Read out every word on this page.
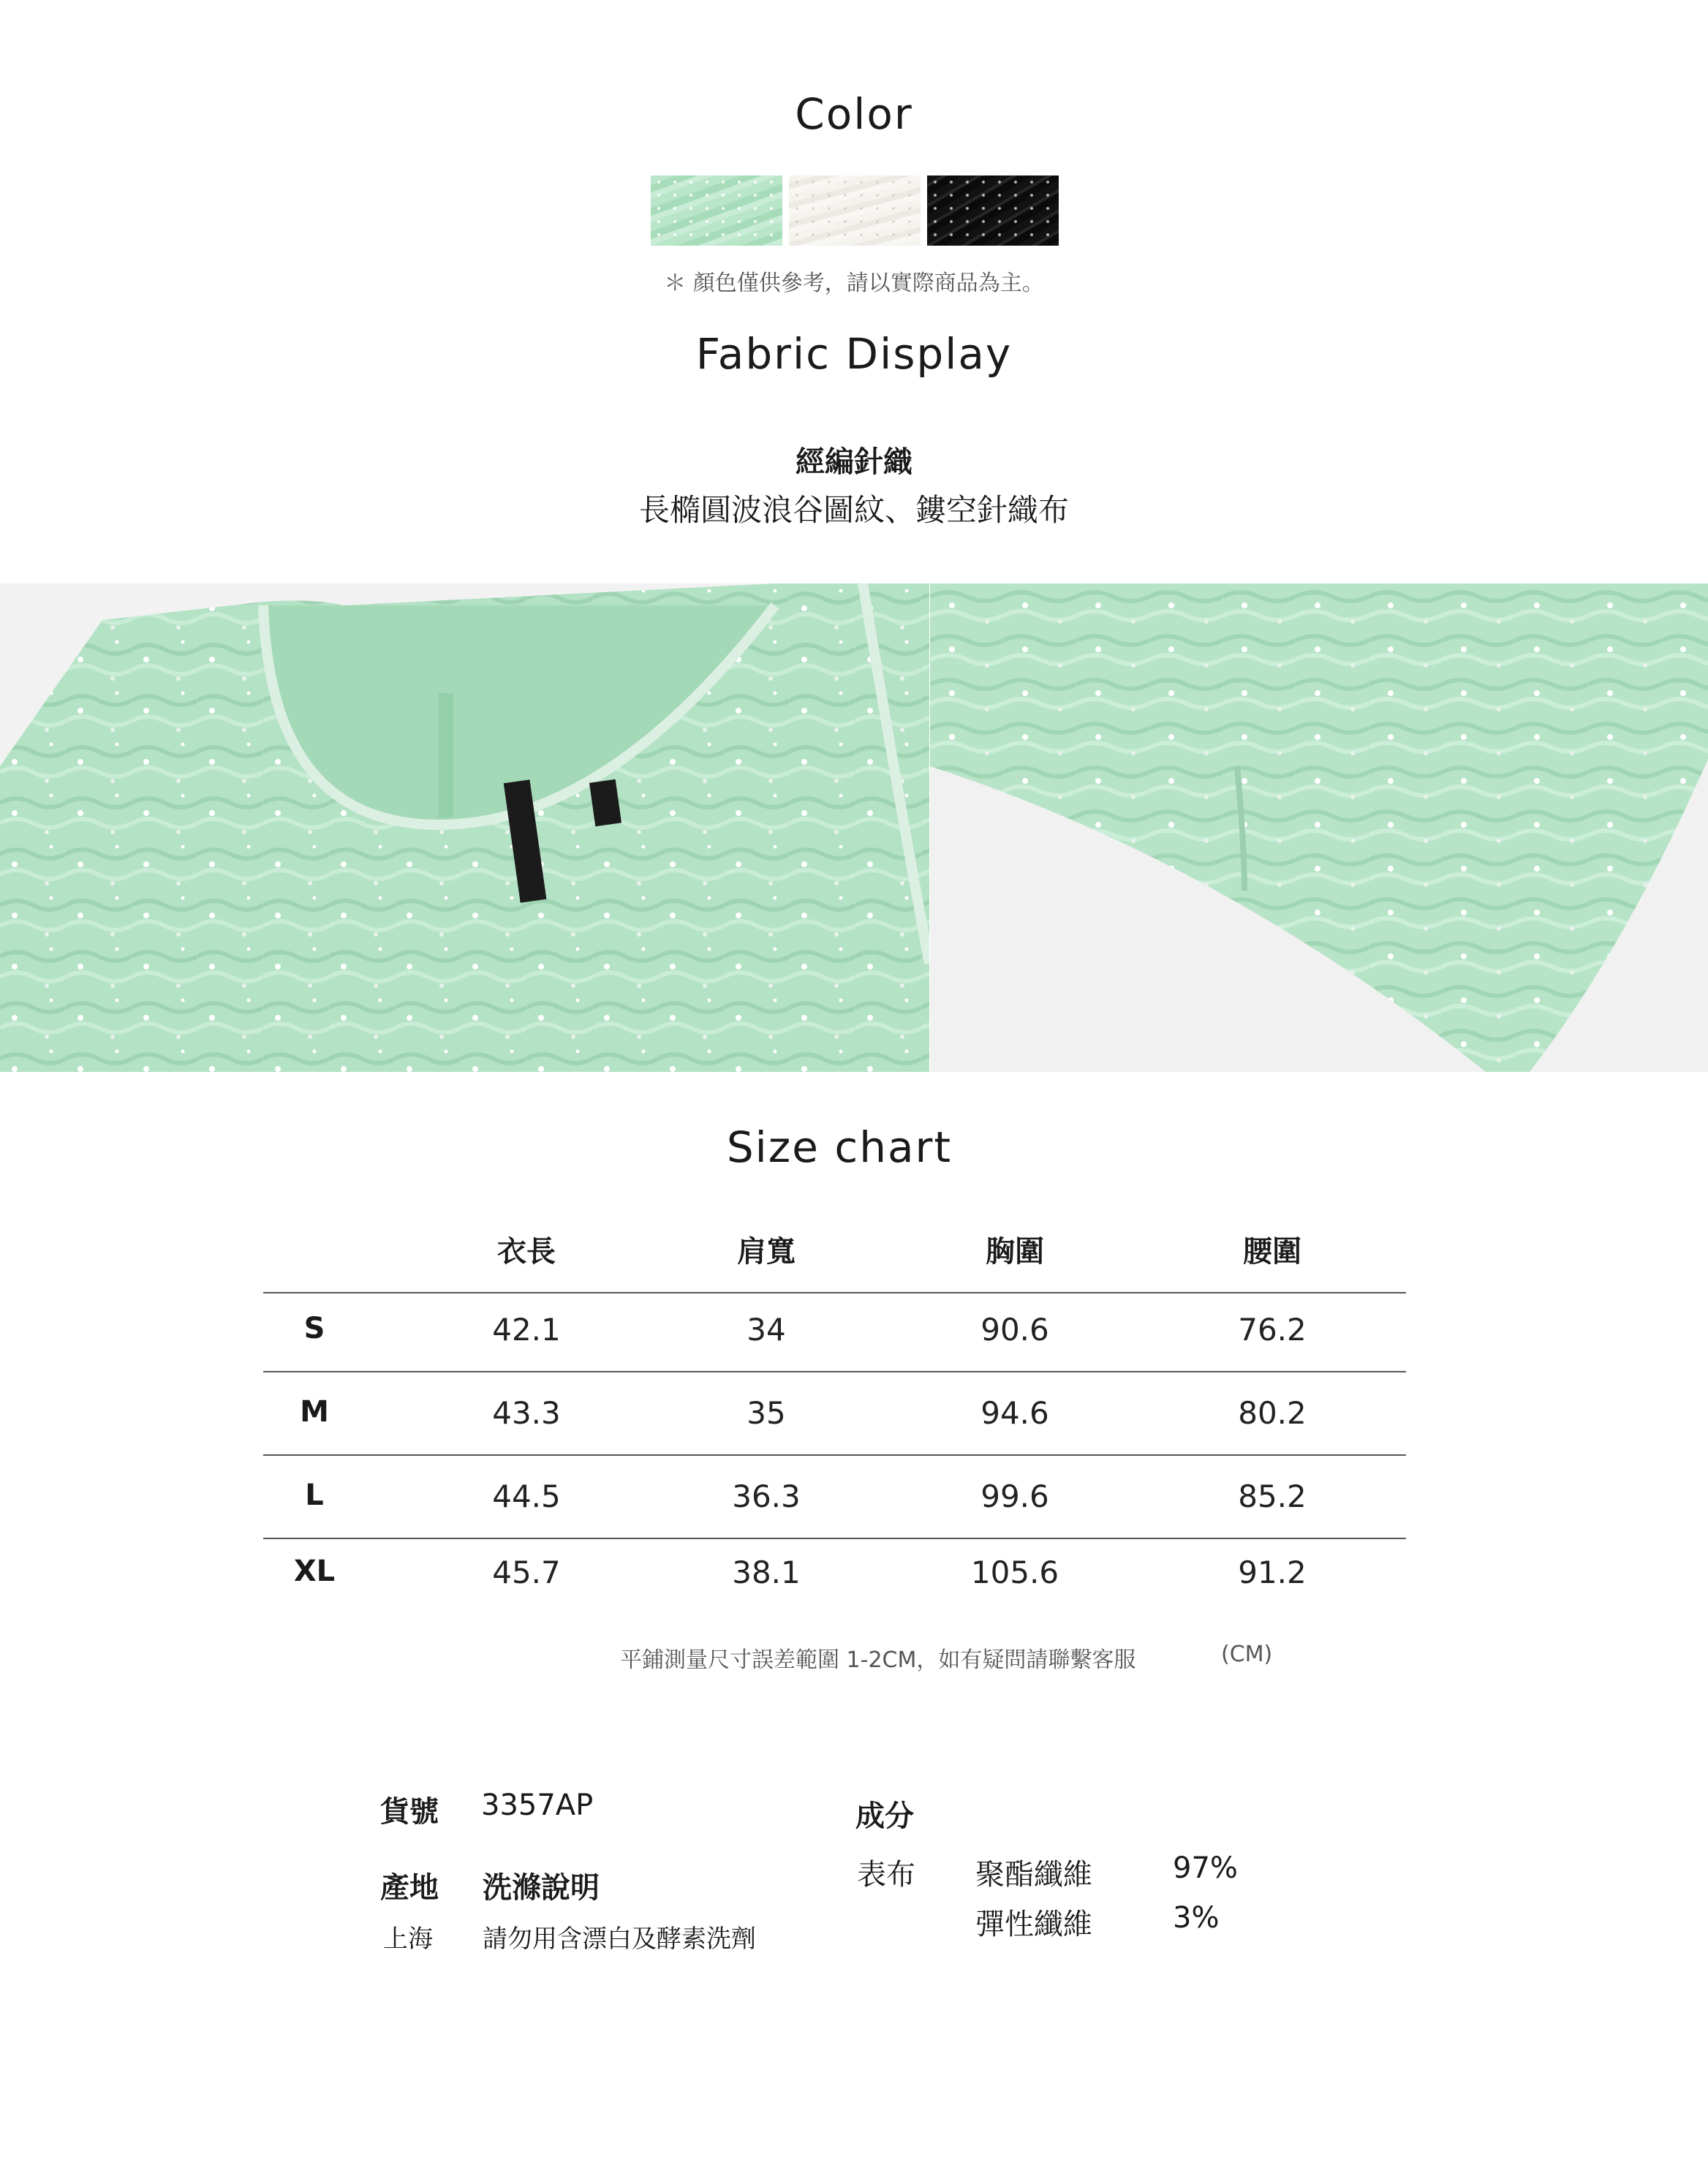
Color
＊ 顏色僅供參考，請以實際商品為主。
Fabric Display
經編針織
長橢圓波浪谷圖紋、鏤空針織布
Size chart
衣長	肩寬	胸圍	腰圍
S	42.1	34	90.6	76.2
M	43.3	35	94.6	80.2
L	44.5	36.3	99.6	85.2
XL	45.7	38.1	105.6	91.2
平鋪測量尺寸誤差範圍 1-2CM，如有疑問請聯繫客服	(CM)
貨號 3357AP
產地 洗滌說明
上海 請勿用含漂白及酵素洗劑
成分
表布 聚酯纖維	97%
彈性纖維	3%
